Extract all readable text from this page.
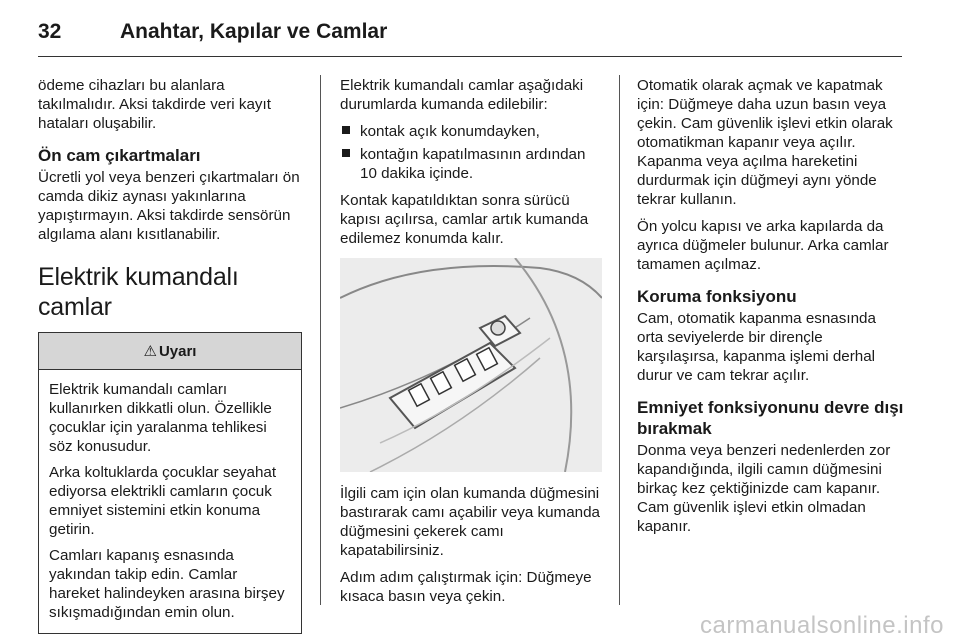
32	Anahtar, Kapılar ve Camlar

ödeme cihazları bu alanlara takılmalıdır. Aksi takdirde veri kayıt hataları oluşabilir.

Ön cam çıkartmaları

Ücretli yol veya benzeri çıkartmaları ön camda dikiz aynası yakınlarına yapıştırmayın. Aksi takdirde sensörün algılama alanı kısıtlanabilir.

Elektrik kumandalı camlar
⚠ Uyarı

Elektrik kumandalı camları kullanırken dikkatli olun. Özellikle çocuklar için yaralanma tehlikesi söz konusudur.

Arka koltuklarda çocuklar seyahat ediyorsa elektrikli camların çocuk emniyet sistemini etkin konuma getirin.

Camları kapanış esnasında yakından takip edin. Camlar hareket halindeyken arasına birşey sıkışmadığından emin olun.

Elektrik kumandalı camlar aşağıdaki durumlarda kumanda edilebilir:

kontak açık konumdayken,
kontağın kapatılmasının ardından 10 dakika içinde.

Kontak kapatıldıktan sonra sürücü kapısı açılırsa, camlar artık kumanda edilemez konumda kalır.

İlgili cam için olan kumanda düğmesini bastırarak camı açabilir veya kumanda düğmesini çekerek camı kapatabilirsiniz.

Adım adım çalıştırmak için: Düğmeye kısaca basın veya çekin.

Otomatik olarak açmak ve kapatmak için: Düğmeye daha uzun basın veya çekin. Cam güvenlik işlevi etkin olarak otomatikman kapanır veya açılır. Kapanma veya açılma hareketini durdurmak için düğmeyi aynı yönde tekrar kullanın.

Ön yolcu kapısı ve arka kapılarda da ayrıca düğmeler bulunur. Arka camlar tamamen açılmaz.

Koruma fonksiyonu

Cam, otomatik kapanma esnasında orta seviyelerde bir dirençle karşılaşırsa, kapanma işlemi derhal durur ve cam tekrar açılır.

Emniyet fonksiyonunu devre dışı bırakmak

Donma veya benzeri nedenlerden zor kapandığında, ilgili camın düğmesini birkaç kez çektiğinizde cam kapanır. Cam güvenlik işlevi etkin olmadan kapanır.

carmanualsonline.info
